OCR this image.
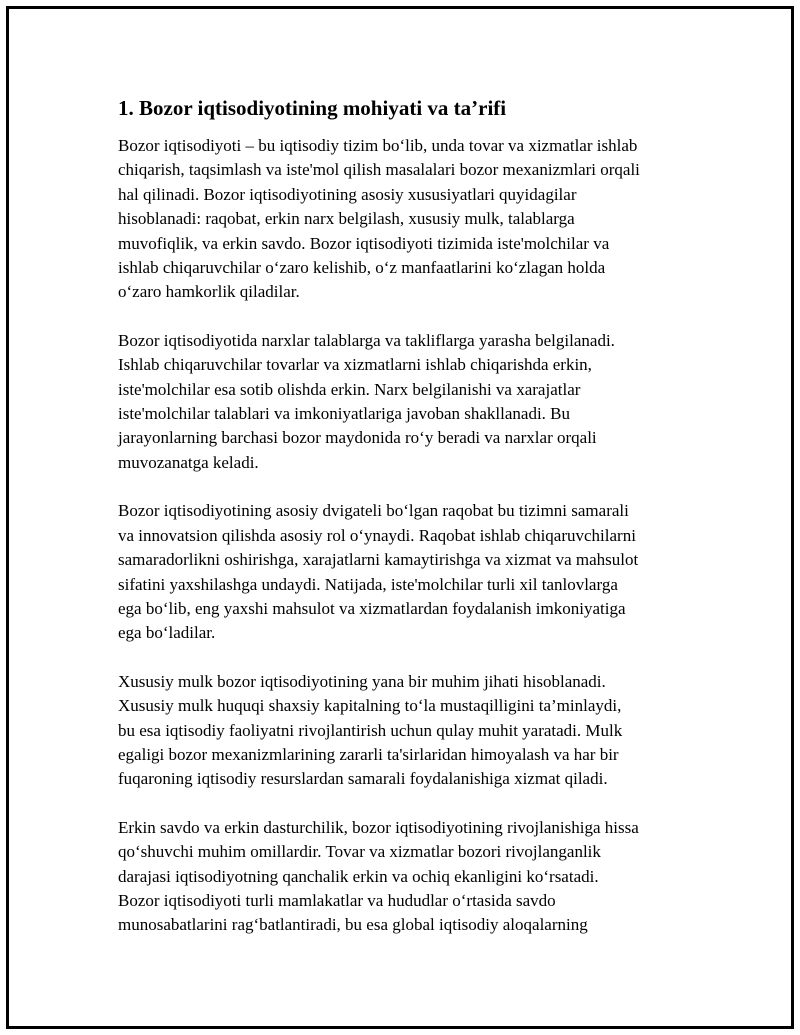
1. Bozor iqtisodiyotining mohiyati va ta’rifi

Bozor iqtisodiyoti – bu iqtisodiy tizim bo‘lib, unda tovar va xizmatlar ishlab
chiqarish, taqsimlash va iste'mol qilish masalalari bozor mexanizmlari orqali
hal qilinadi. Bozor iqtisodiyotining asosiy xususiyatlari quyidagilar
hisoblanadi: raqobat, erkin narx belgilash, xususiy mulk, talablarga
muvofiqlik, va erkin savdo. Bozor iqtisodiyoti tizimida iste'molchilar va
ishlab chiqaruvchilar o‘zaro kelishib, o‘z manfaatlarini ko‘zlagan holda
o‘zaro hamkorlik qiladilar.

Bozor iqtisodiyotida narxlar talablarga va takliflarga yarasha belgilanadi.
Ishlab chiqaruvchilar tovarlar va xizmatlarni ishlab chiqarishda erkin,
iste'molchilar esa sotib olishda erkin. Narx belgilanishi va xarajatlar
iste'molchilar talablari va imkoniyatlariga javoban shakllanadi. Bu
jarayonlarning barchasi bozor maydonida ro‘y beradi va narxlar orqali
muvozanatga keladi.

Bozor iqtisodiyotining asosiy dvigateli bo‘lgan raqobat bu tizimni samarali
va innovatsion qilishda asosiy rol o‘ynaydi. Raqobat ishlab chiqaruvchilarni
samaradorlikni oshirishga, xarajatlarni kamaytirishga va xizmat va mahsulot
sifatini yaxshilashga undaydi. Natijada, iste'molchilar turli xil tanlovlarga
ega bo‘lib, eng yaxshi mahsulot va xizmatlardan foydalanish imkoniyatiga
ega bo‘ladilar.

Xususiy mulk bozor iqtisodiyotining yana bir muhim jihati hisoblanadi.
Xususiy mulk huquqi shaxsiy kapitalning to‘la mustaqilligini ta’minlaydi,
bu esa iqtisodiy faoliyatni rivojlantirish uchun qulay muhit yaratadi. Mulk
egaligi bozor mexanizmlarining zararli ta'sirlaridan himoyalash va har bir
fuqaroning iqtisodiy resurslardan samarali foydalanishiga xizmat qiladi.

Erkin savdo va erkin dasturchilik, bozor iqtisodiyotining rivojlanishiga hissa
qo‘shuvchi muhim omillardir. Tovar va xizmatlar bozori rivojlanganlik
darajasi iqtisodiyotning qanchalik erkin va ochiq ekanligini ko‘rsatadi.
Bozor iqtisodiyoti turli mamlakatlar va hududlar o‘rtasida savdo
munosabatlarini rag‘batlantiradi, bu esa global iqtisodiy aloqalarning
